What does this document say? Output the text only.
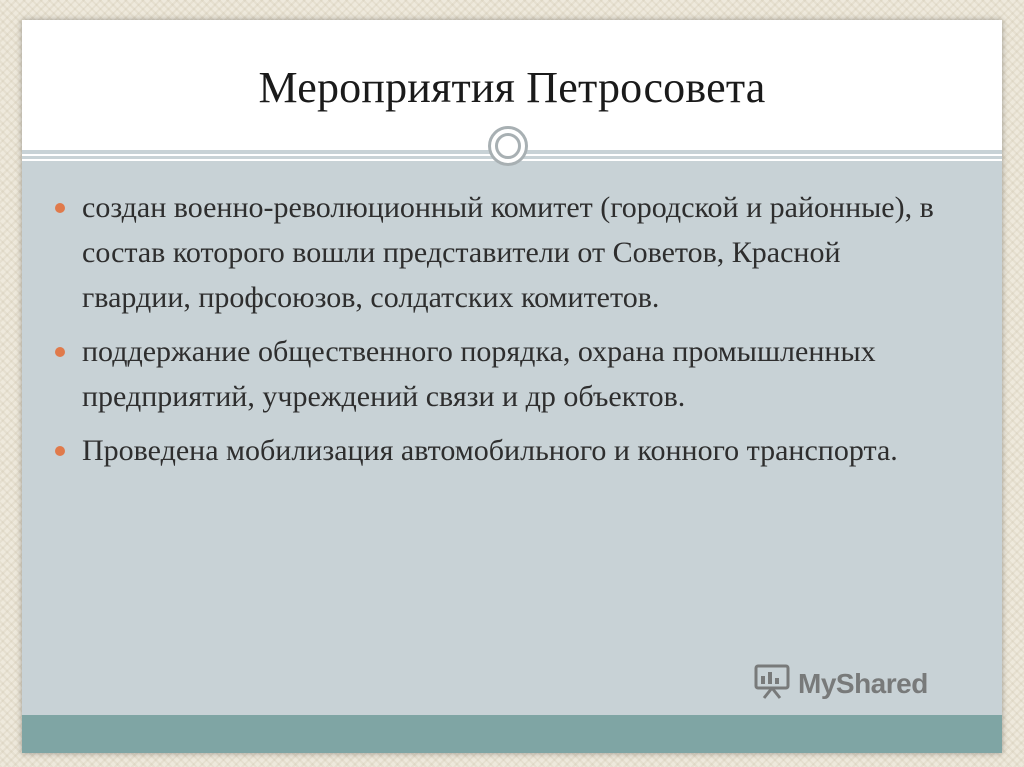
Мероприятия Петросовета
создан военно-революционный комитет (городской и районные), в состав которого вошли представители от Советов, Красной гвардии, профсоюзов, солдатских комитетов.
поддержание общественного порядка, охрана промышленных предприятий, учреждений связи и др объектов.
Проведена мобилизация автомобильного и конного транспорта.
MyShared
